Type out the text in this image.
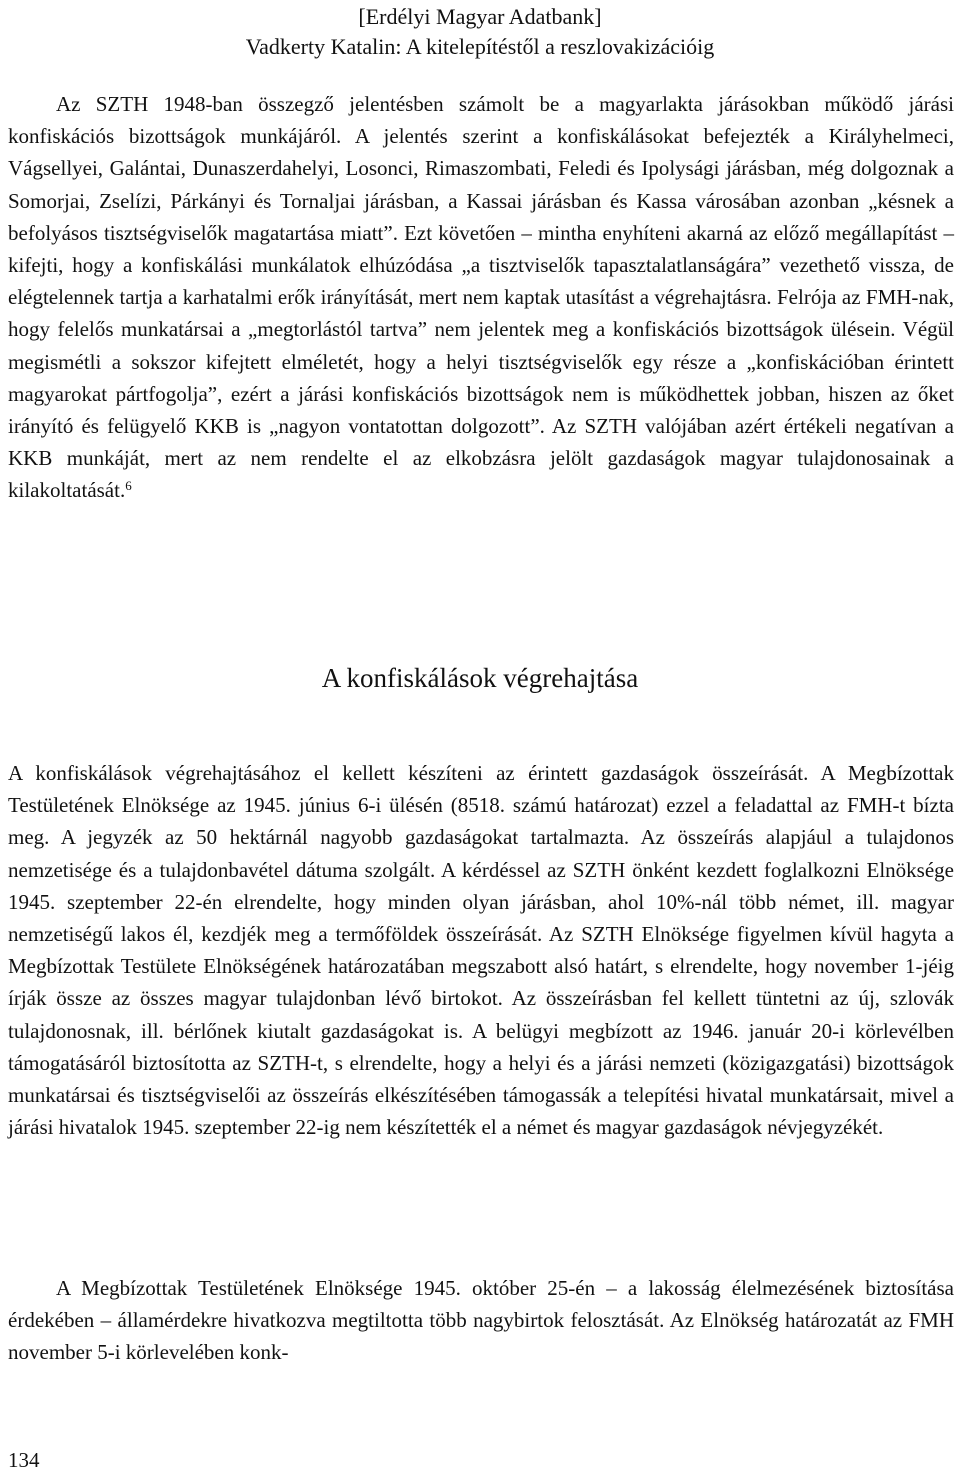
[Erdélyi Magyar Adatbank]
Vadkerty Katalin: A kitelepítéstől a reszlovakizációig

Az SZTH 1948-ban összegző jelentésben számolt be a magyarlakta járásokban működő járási konfiskációs bizottságok munkájáról. A jelentés szerint a konfiskálásokat befejezték a Királyhelmeci, Vágsellyei, Galántai, Dunaszerdahelyi, Losonci, Rimaszombati, Feledi és Ipolysági járásban, még dolgoznak a Somorjai, Zselízi, Párkányi és Tornaljai járásban, a Kassai járásban és Kassa városában azonban „késnek a befolyásos tisztségviselők magatartása miatt”. Ezt követően – mintha enyhíteni akarná az előző megállapítást – kifejti, hogy a konfiskálási munkálatok elhúzódása „a tisztviselők tapasztalatlanságára” vezethető vissza, de elégtelennek tartja a karhatalmi erők irányítását, mert nem kaptak utasítást a végrehajtásra. Felrója az FMH-nak, hogy felelős munkatársai a „megtorlástól tartva” nem jelentek meg a konfiskációs bizottságok ülésein. Végül megismétli a sokszor kifejtett elméletét, hogy a helyi tisztségviselők egy része a „konfiskációban érintett magyarokat pártfogolja”, ezért a járási konfiskációs bizottságok nem is működhettek jobban, hiszen az őket irányító és felügyelő KKB is „nagyon vontatottan dolgozott”. Az SZTH valójában azért értékeli negatívan a KKB munkáját, mert az nem rendelte el az elkobzásra jelölt gazdaságok magyar tulajdonosainak a kilakoltatását.$^6$

A konfiskálások végrehajtása

A konfiskálások végrehajtásához el kellett készíteni az érintett gazdaságok összeírását. A Megbízottak Testületének Elnöksége az 1945. június 6-i ülésén (8518. számú határozat) ezzel a feladattal az FMH-t bízta meg. A jegyzék az 50 hektárnál nagyobb gazdaságokat tartalmazta. Az összeírás alapjául a tulajdonos nemzetisége és a tulajdonbavétel dátuma szolgált. A kérdéssel az SZTH önként kezdett foglalkozni Elnöksége 1945. szeptember 22-én elrendelte, hogy minden olyan járásban, ahol 10%-nál több német, ill. magyar nemzetiségű lakos él, kezdjék meg a termőföldek összeírását. Az SZTH Elnöksége figyelmen kívül hagyta a Megbízottak Testülete Elnökségének határozatában megszabott alsó határt, s elrendelte, hogy november 1-jéig írják össze az összes magyar tulajdonban lévő birtokot. Az összeírásban fel kellett tüntetni az új, szlovák tulajdonosnak, ill. bérlőnek kiutalt gazdaságokat is. A belügyi megbízott az 1946. január 20-i körlevélben támogatásáról biztosította az SZTH-t, s elrendelte, hogy a helyi és a járási nemzeti (közigazgatási) bizottságok munkatársai és tisztségviselői az összeírás elkészítésében támogassák a telepítési hivatal munkatársait, mivel a járási hivatalok 1945. szeptember 22-ig nem készítették el a német és magyar gazdaságok névjegyzékét.

A Megbízottak Testületének Elnöksége 1945. október 25-én – a lakosság élelmezésének biztosítása érdekében – államérdekre hivatkozva megtiltotta több nagybirtok felosztását. Az Elnökség határozatát az FMH november 5-i körlevelében konk-

134
